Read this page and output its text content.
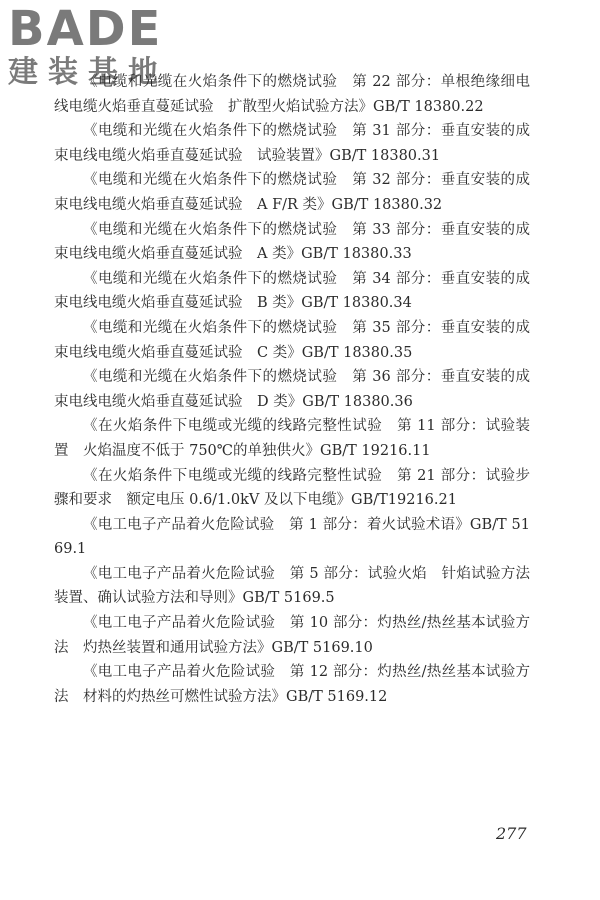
BADE
建装基地

《电缆和光缆在火焰条件下的燃烧试验　第 22 部分：单根绝缘细电线电缆火焰垂直蔓延试验　扩散型火焰试验方法》GB/T 18380.22

《电缆和光缆在火焰条件下的燃烧试验　第 31 部分：垂直安装的成束电线电缆火焰垂直蔓延试验　试验装置》GB/T 18380.31

《电缆和光缆在火焰条件下的燃烧试验　第 32 部分：垂直安装的成束电线电缆火焰垂直蔓延试验　A F/R 类》GB/T 18380.32

《电缆和光缆在火焰条件下的燃烧试验　第 33 部分：垂直安装的成束电线电缆火焰垂直蔓延试验　A 类》GB/T 18380.33

《电缆和光缆在火焰条件下的燃烧试验　第 34 部分：垂直安装的成束电线电缆火焰垂直蔓延试验　B 类》GB/T 18380.34

《电缆和光缆在火焰条件下的燃烧试验　第 35 部分：垂直安装的成束电线电缆火焰垂直蔓延试验　C 类》GB/T 18380.35

《电缆和光缆在火焰条件下的燃烧试验　第 36 部分：垂直安装的成束电线电缆火焰垂直蔓延试验　D 类》GB/T 18380.36

《在火焰条件下电缆或光缆的线路完整性试验　第 11 部分：试验装置　火焰温度不低于 750℃的单独供火》GB/T 19216.11

《在火焰条件下电缆或光缆的线路完整性试验　第 21 部分：试验步骤和要求　额定电压 0.6/1.0kV 及以下电缆》GB/T19216.21

《电工电子产品着火危险试验　第 1 部分：着火试验术语》GB/T 5169.1

《电工电子产品着火危险试验　第 5 部分：试验火焰　针焰试验方法　装置、确认试验方法和导则》GB/T 5169.5

《电工电子产品着火危险试验　第 10 部分：灼热丝/热丝基本试验方法　灼热丝装置和通用试验方法》GB/T 5169.10

《电工电子产品着火危险试验　第 12 部分：灼热丝/热丝基本试验方法　材料的灼热丝可燃性试验方法》GB/T 5169.12

277
